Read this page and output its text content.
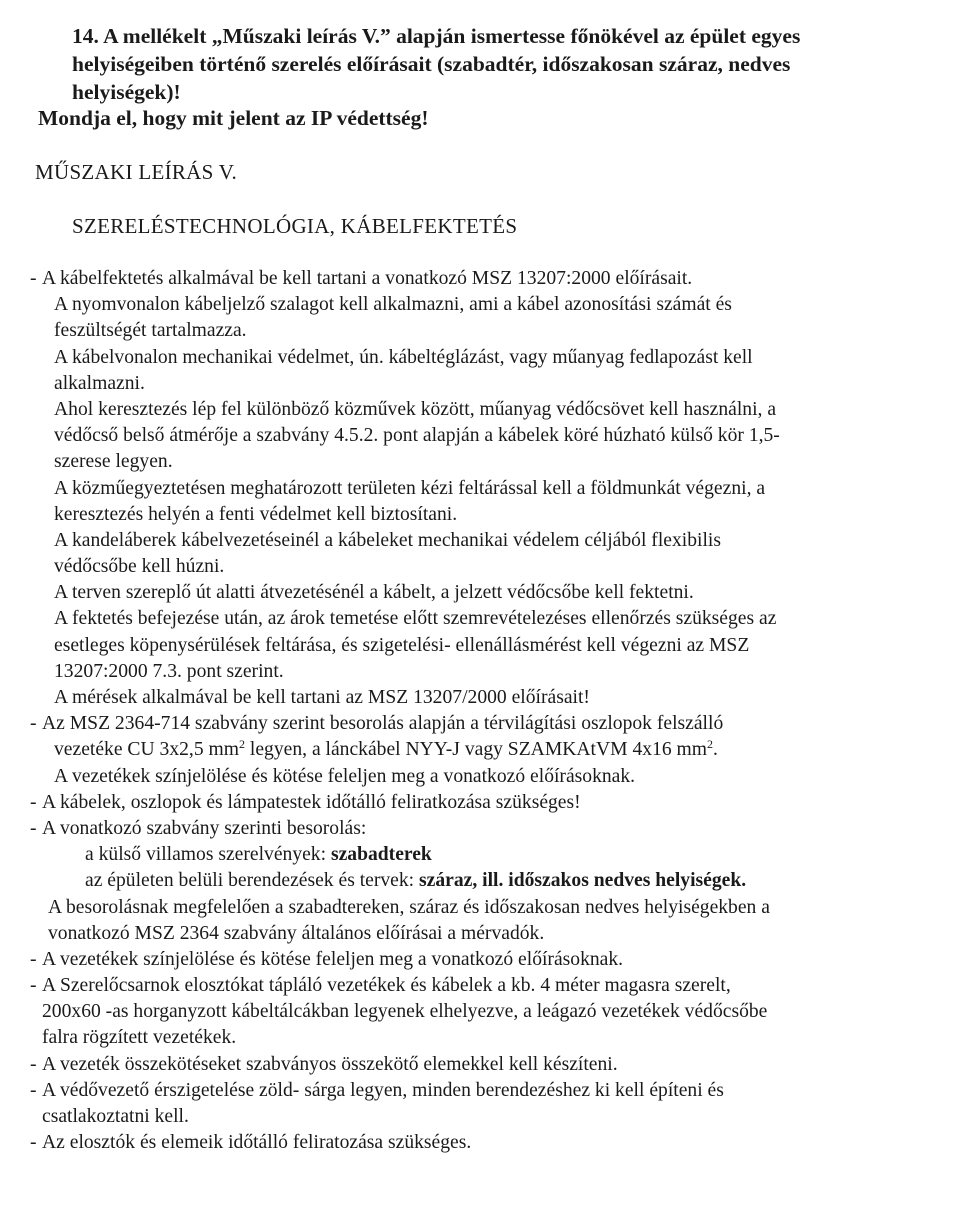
14. A mellékelt „Műszaki leírás V.” alapján ismertesse főnökével az épület egyes helyiségeiben történő szerelés előírásait (szabadtér, időszakosan száraz, nedves helyiségek)!

Mondja el, hogy mit jelent az IP védettség!

MŰSZAKI LEÍRÁS V.

SZERELÉSTECHNOLÓGIA, KÁBELFEKTETÉS

- A kábelfektetés alkalmával be kell tartani a vonatkozó MSZ 13207:2000 előírásait.
A nyomvonalon kábeljelző szalagot kell alkalmazni, ami a kábel azonosítási számát és
feszültségét tartalmazza.
A kábelvonalon mechanikai védelmet, ún. kábeltéglázást, vagy műanyag fedlapozást kell
alkalmazni.
Ahol keresztezés lép fel különböző közművek között, műanyag védőcsövet kell használni, a
védőcső belső átmérője a szabvány 4.5.2. pont alapján a kábelek köré húzható külső kör 1,5-
szerese legyen.
A közműegyeztetésen meghatározott területen kézi feltárással kell a földmunkát végezni, a
keresztezés helyén a fenti védelmet kell biztosítani.
A kandeláberek kábelvezetéseinél a kábeleket mechanikai védelem céljából flexibilis
védőcsőbe kell húzni.
A terven szereplő út alatti átvezetésénél a kábelt, a jelzett védőcsőbe kell fektetni.
A fektetés befejezése után, az árok temetése előtt szemrevételezéses ellenőrzés szükséges az
esetleges köpenysérülések feltárása, és szigetelési- ellenállásmérést kell végezni az MSZ
13207:2000 7.3. pont szerint.
A mérések alkalmával be kell tartani az MSZ 13207/2000 előírásait!
- Az MSZ 2364-714 szabvány szerint besorolás alapján a térvilágítási oszlopok felszálló
vezetéke CU 3x2,5 $mm^2$ legyen, a lánckábel NYY-J vagy SZAMKAtVM 4x16 $mm^2$.
A vezetékek színjelölése és kötése feleljen meg a vonatkozó előírásoknak.
- A kábelek, oszlopok és lámpatestek időtálló feliratkozása szükséges!
- A vonatkozó szabvány szerinti besorolás:
a külső villamos szerelvények: szabadterek
az épületen belüli berendezések és tervek: száraz, ill. időszakos nedves helyiségek.
A besorolásnak megfelelően a szabadtereken, száraz és időszakosan nedves helyiségekben a
vonatkozó MSZ 2364 szabvány általános előírásai a mérvadók.
- A vezetékek színjelölése és kötése feleljen meg a vonatkozó előírásoknak.
- A Szerelőcsarnok elosztókat tápláló vezetékek és kábelek a kb. 4 méter magasra szerelt,
200x60 -as horganyzott kábeltálcákban legyenek elhelyezve, a leágazó vezetékek védőcsőbe
falra rögzített vezetékek.
- A vezeték összekötéseket szabványos összekötő elemekkel kell készíteni.
- A védővezető érszigetelése zöld- sárga legyen, minden berendezéshez ki kell építeni és
csatlakoztatni kell.
- Az elosztók és elemeik időtálló feliratozása szükséges.
